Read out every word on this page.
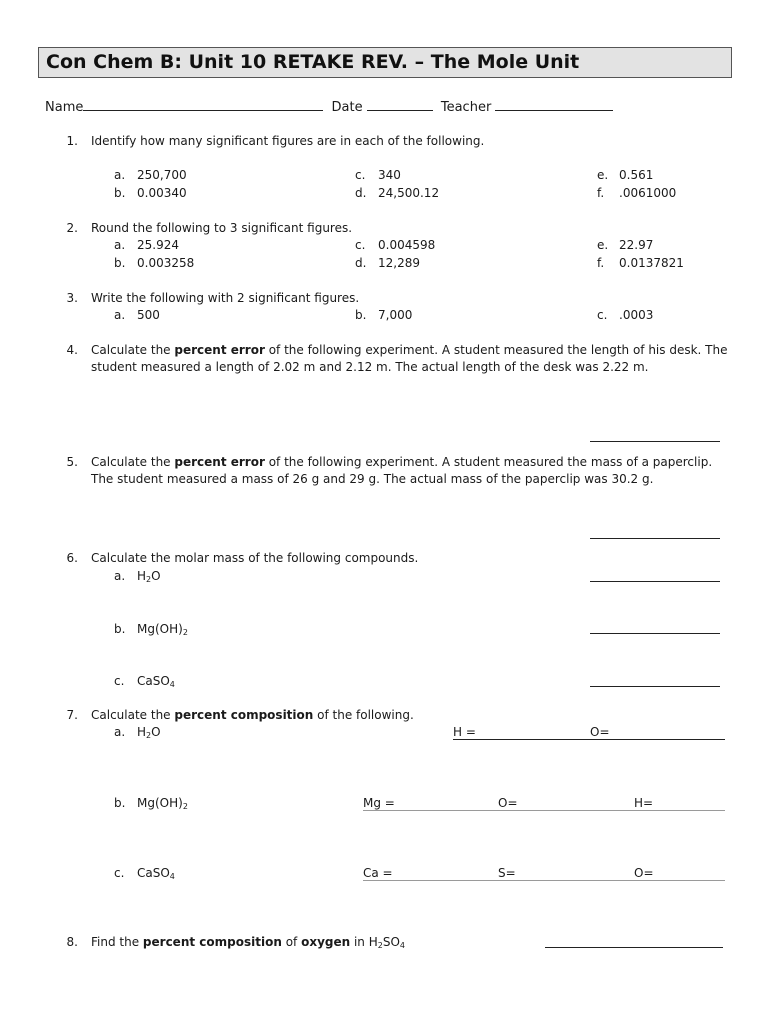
Con Chem B: Unit 10 RETAKE REV. – The Mole Unit
Name	Date	Teacher
1. Identify how many significant figures are in each of the following.
a. 250,700
b. 0.00340
c. 340
d. 24,500.12
e. 0.561
f. .0061000
2. Round the following to 3 significant figures.
a. 25.924
b. 0.003258
c. 0.004598
d. 12,289
e. 22.97
f. 0.0137821
3. Write the following with 2 significant figures.
a. 500	b. 7,000	c. .0003
4. Calculate the percent error of the following experiment. A student measured the length of his desk. The student measured a length of 2.02 m and 2.12 m. The actual length of the desk was 2.22 m.
5. Calculate the percent error of the following experiment. A student measured the mass of a paperclip. The student measured a mass of 26 g and 29 g. The actual mass of the paperclip was 30.2 g.
6. Calculate the molar mass of the following compounds.
a. $H_2O$
b. $Mg(OH)_2$
c. CaSO$_4$
7. Calculate the percent composition of the following.
a. $H_2O$	H =	O=
b. $Mg(OH)_2$	Mg =	O=	H=
c. CaSO$_4$	Ca =	S=	O=
8. Find the percent composition of oxygen in $H_2SO_4$
